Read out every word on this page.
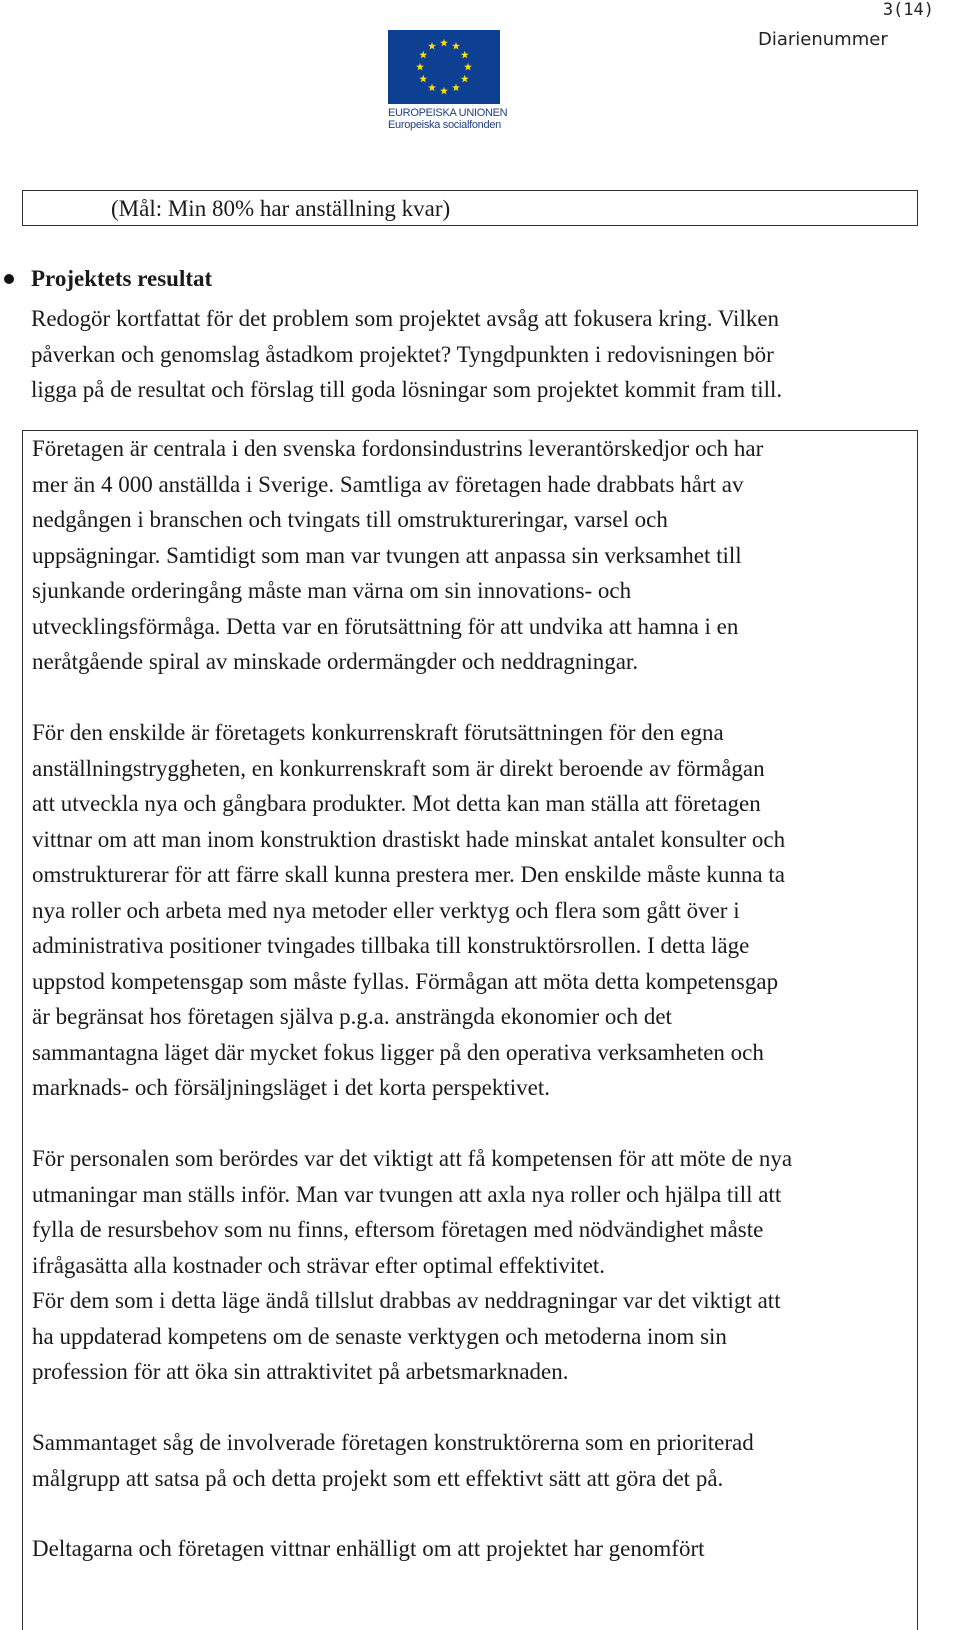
3(14)
Diarienummer
EUROPEISKA UNIONEN
Europeiska socialfonden
(Mål: Min 80% har anställning kvar)
Projektets resultat
Redogör kortfattat för det problem som projektet avsåg att fokusera kring. Vilken
påverkan och genomslag åstadkom projektet? Tyngdpunkten i redovisningen bör
ligga på de resultat och förslag till goda lösningar som projektet kommit fram till.
Företagen är centrala i den svenska fordonsindustrins leverantörskedjor och har
mer än 4 000 anställda i Sverige. Samtliga av företagen hade drabbats hårt av
nedgången i branschen och tvingats till omstruktureringar, varsel och
uppsägningar. Samtidigt som man var tvungen att anpassa sin verksamhet till
sjunkande orderingång måste man värna om sin innovations- och
utvecklingsförmåga. Detta var en förutsättning för att undvika att hamna i en
neråtgående spiral av minskade ordermängder och neddragningar.
För den enskilde är företagets konkurrenskraft förutsättningen för den egna
anställningstryggheten, en konkurrenskraft som är direkt beroende av förmågan
att utveckla nya och gångbara produkter. Mot detta kan man ställa att företagen
vittnar om att man inom konstruktion drastiskt hade minskat antalet konsulter och
omstrukturerar för att färre skall kunna prestera mer. Den enskilde måste kunna ta
nya roller och arbeta med nya metoder eller verktyg och flera som gått över i
administrativa positioner tvingades tillbaka till konstruktörsrollen. I detta läge
uppstod kompetensgap som måste fyllas. Förmågan att möta detta kompetensgap
är begränsat hos företagen själva p.g.a. ansträngda ekonomier och det
sammantagna läget där mycket fokus ligger på den operativa verksamheten och
marknads- och försäljningsläget i det korta perspektivet.
För personalen som berördes var det viktigt att få kompetensen för att möte de nya
utmaningar man ställs inför. Man var tvungen att axla nya roller och hjälpa till att
fylla de resursbehov som nu finns, eftersom företagen med nödvändighet måste
ifrågasätta alla kostnader och strävar efter optimal effektivitet.
För dem som i detta läge ändå tillslut drabbas av neddragningar var det viktigt att
ha uppdaterad kompetens om de senaste verktygen och metoderna inom sin
profession för att öka sin attraktivitet på arbetsmarknaden.
Sammantaget såg de involverade företagen konstruktörerna som en prioriterad
målgrupp att satsa på och detta projekt som ett effektivt sätt att göra det på.
Deltagarna och företagen vittnar enhälligt om att projektet har genomfört
